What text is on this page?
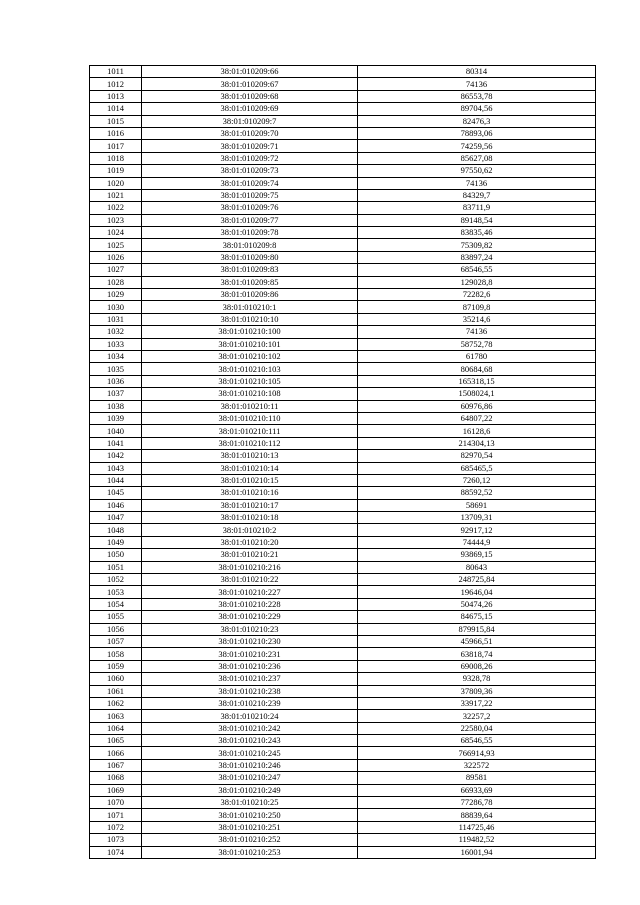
1011	38:01:010209:66	80314
1012	38:01:010209:67	74136
1013	38:01:010209:68	86553,78
1014	38:01:010209:69	89704,56
1015	38:01:010209:7	82476,3
1016	38:01:010209:70	78893,06
1017	38:01:010209:71	74259,56
1018	38:01:010209:72	85627,08
1019	38:01:010209:73	97550,62
1020	38:01:010209:74	74136
1021	38:01:010209:75	84329,7
1022	38:01:010209:76	83711,9
1023	38:01:010209:77	89148,54
1024	38:01:010209:78	83835,46
1025	38:01:010209:8	75309,82
1026	38:01:010209:80	83897,24
1027	38:01:010209:83	68546,55
1028	38:01:010209:85	129028,8
1029	38:01:010209:86	72282,6
1030	38:01:010210:1	87109,8
1031	38:01:010210:10	35214,6
1032	38:01:010210:100	74136
1033	38:01:010210:101	58752,78
1034	38:01:010210:102	61780
1035	38:01:010210:103	80684,68
1036	38:01:010210:105	165318,15
1037	38:01:010210:108	1508024,1
1038	38:01:010210:11	60976,86
1039	38:01:010210:110	64807,22
1040	38:01:010210:111	16128,6
1041	38:01:010210:112	214304,13
1042	38:01:010210:13	82970,54
1043	38:01:010210:14	685465,5
1044	38:01:010210:15	7260,12
1045	38:01:010210:16	88592,52
1046	38:01:010210:17	58691
1047	38:01:010210:18	13709,31
1048	38:01:010210:2	92917,12
1049	38:01:010210:20	74444,9
1050	38:01:010210:21	93869,15
1051	38:01:010210:216	80643
1052	38:01:010210:22	248725,84
1053	38:01:010210:227	19646,04
1054	38:01:010210:228	50474,26
1055	38:01:010210:229	84675,15
1056	38:01:010210:23	879915,84
1057	38:01:010210:230	45966,51
1058	38:01:010210:231	63818,74
1059	38:01:010210:236	69008,26
1060	38:01:010210:237	9328,78
1061	38:01:010210:238	37809,36
1062	38:01:010210:239	33917,22
1063	38:01:010210:24	32257,2
1064	38:01:010210:242	22580,04
1065	38:01:010210:243	68546,55
1066	38:01:010210:245	766914,93
1067	38:01:010210:246	322572
1068	38:01:010210:247	89581
1069	38:01:010210:249	66933,69
1070	38:01:010210:25	77286,78
1071	38:01:010210:250	88839,64
1072	38:01:010210:251	114725,46
1073	38:01:010210:252	119482,52
1074	38:01:010210:253	16001,94
